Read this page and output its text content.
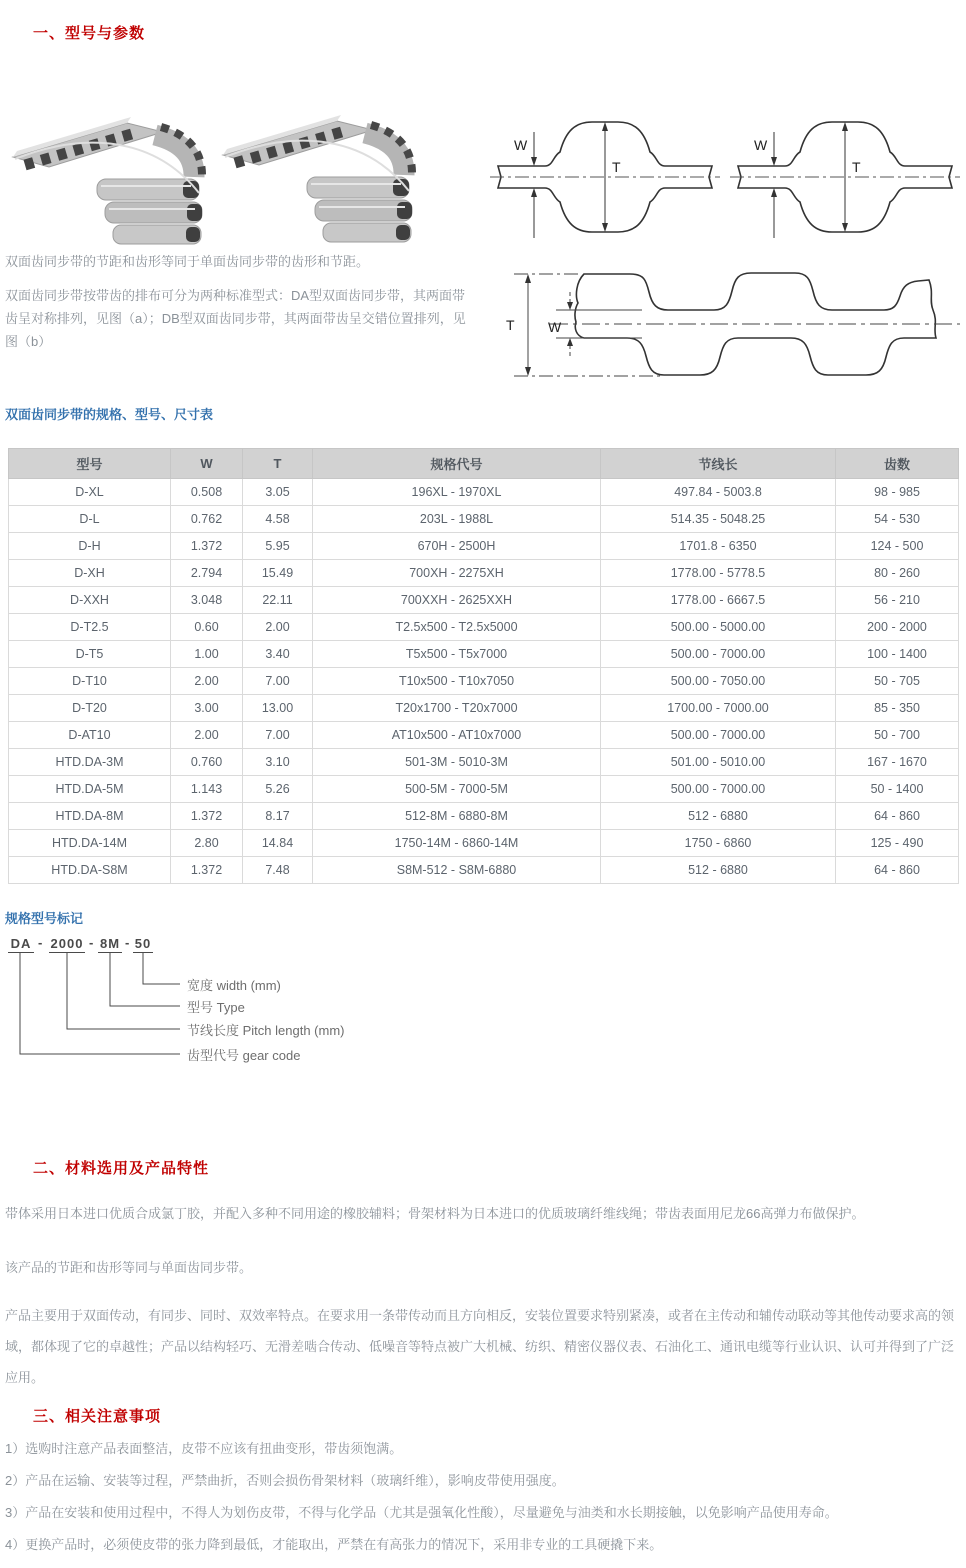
一、型号与参数
W
T
W
T
T W
双面齿同步带的节距和齿形等同于单面齿同步带的齿形和节距。
双面齿同步带按带齿的排布可分为两种标准型式：DA型双面齿同步带，其两面带
齿呈对称排列，见图（a）；DB型双面齿同步带，其两面带齿呈交错位置排列，见
图（b）
双面齿同步带的规格、型号、尺寸表
型号	W	T	规格代号	节线长	齿数
D-XL	0.508	3.05	196XL - 1970XL	497.84 - 5003.8	98 - 985
D-L	0.762	4.58	203L - 1988L	514.35 - 5048.25	54 - 530
D-H	1.372	5.95	670H - 2500H	1701.8 - 6350	124 - 500
D-XH	2.794	15.49	700XH - 2275XH	1778.00 - 5778.5	80 - 260
D-XXH	3.048	22.11	700XXH - 2625XXH	1778.00 - 6667.5	56 - 210
D-T2.5	0.60	2.00	T2.5x500 - T2.5x5000	500.00 - 5000.00	200 - 2000
D-T5	1.00	3.40	T5x500 - T5x7000	500.00 - 7000.00	100 - 1400
D-T10	2.00	7.00	T10x500 - T10x7050	500.00 - 7050.00	50 - 705
D-T20	3.00	13.00	T20x1700 - T20x7000	1700.00 - 7000.00	85 - 350
D-AT10	2.00	7.00	AT10x500 - AT10x7000	500.00 - 7000.00	50 - 700
HTD.DA-3M	0.760	3.10	501-3M - 5010-3M	501.00 - 5010.00	167 - 1670
HTD.DA-5M	1.143	5.26	500-5M - 7000-5M	500.00 - 7000.00	50 - 1400
HTD.DA-8M	1.372	8.17	512-8M - 6880-8M	512 - 6880	64 - 860
HTD.DA-14M	2.80	14.84	1750-14M - 6860-14M	1750 - 6860	125 - 490
HTD.DA-S8M	1.372	7.48	S8M-512 - S8M-6880	512 - 6880	64 - 860
规格型号标记
DA - 2000 - 8M - 50
宽度 width (mm)
型号 Type
节线长度 Pitch length (mm)
齿型代号 gear code
二、材料选用及产品特性
带体采用日本进口优质合成氯丁胶，并配入多种不同用途的橡胶辅料；骨架材料为日本进口的优质玻璃纤维线绳；带齿表面用尼龙66高弹力布做保护。
该产品的节距和齿形等同与单面齿同步带。
产品主要用于双面传动，有同步、同时、双效率特点。在要求用一条带传动而且方向相反，安装位置要求特别紧凑，或者在主传动和辅传动联动等其他传动要求高的领域，都体现了它的卓越性；产品以结构轻巧、无滑差啮合传动、低噪音等特点被广大机械、纺织、精密仪器仪表、石油化工、通讯电缆等行业认识、认可并得到了广泛应用。
三、相关注意事项
1）选购时注意产品表面整洁，皮带不应该有扭曲变形，带齿须饱满。
2）产品在运输、安装等过程，严禁曲折，否则会损伤骨架材料（玻璃纤维），影响皮带使用强度。
3）产品在安装和使用过程中，不得人为划伤皮带，不得与化学品（尤其是强氧化性酸），尽量避免与油类和水长期接触，以免影响产品使用寿命。
4）更换产品时，必须使皮带的张力降到最低，才能取出，严禁在有高张力的情况下，采用非专业的工具硬撬下来。
